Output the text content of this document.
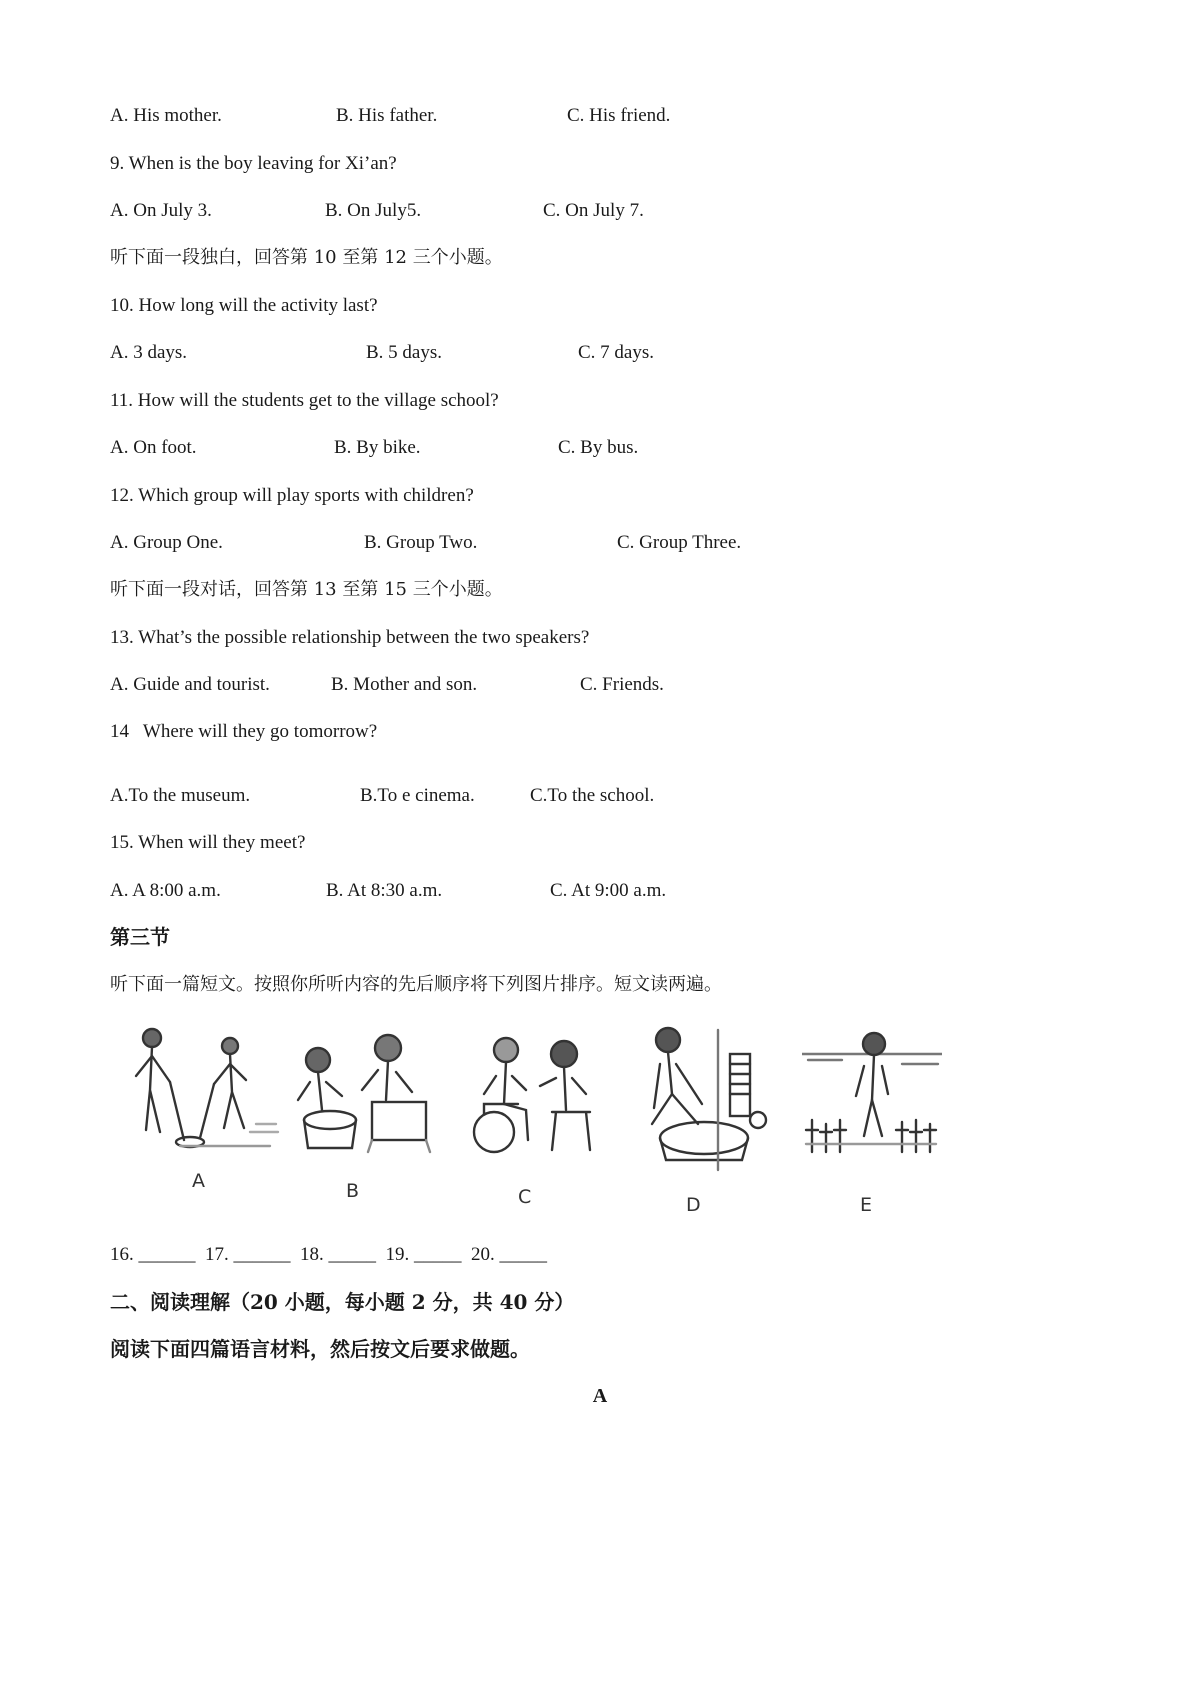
A. His mother.	B. His father.	C. His friend.
9. When is the boy leaving for Xi’an?
A. On July 3.	B. On July5.	C. On July 7.
听下面一段独白，回答第 10 至第 12 三个小题。
10. How long will the activity last?
A. 3 days.	B. 5 days.	C. 7 days.
11. How will the students get to the village school?
A. On foot.	B. By bike.	C. By bus.
12. Which group will play sports with children?
A. Group One.	B. Group Two.	C. Group Three.
听下面一段对话，回答第 13 至第 15 三个小题。
13. What’s the possible relationship between the two speakers?
A. Guide and tourist.	B. Mother and son.	C. Friends.
14   Where will they go tomorrow?
A.To the museum.	B.To e cinema.	C.To the school.
15. When will they meet?
A. A 8:00 a.m.	B. At 8:30 a.m.	C. At 9:00 a.m.
第三节
听下面一篇短文。按照你所听内容的先后顺序将下列图片排序。短文读两遍。
A	B	C	D	E
16. ______  17. ______  18. _____  19. _____  20. _____
二、阅读理解（20 小题，每小题 2 分，共 40 分）
阅读下面四篇语言材料，然后按文后要求做题。
A
